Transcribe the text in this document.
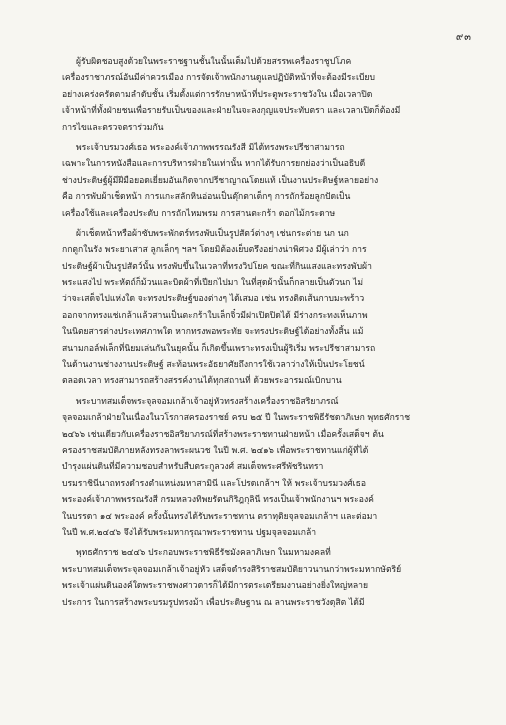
๙๓
ผู้รับผิดชอบสูงด้วยในพระราชฐานชั้นในนั้นเต็มไปด้วยสรรพเครื่องราชูปโภค
เครื่องราชาภรณ์อันมีค่าควรเมือง การจัดเจ้าพนักงานดูแลปฏิบัติหน้าที่จะต้องมีระเบียบ
อย่างเคร่งครัดตามลำดับชั้น เริ่มตั้งแต่การรักษาหน้าที่ประตูพระราชวังใน เมื่อเวลาปิด
เจ้าหน้าที่ทั้งฝ่ายชนเพื่อรายรับเป็นของและฝ่ายในจะลงกุญแจประทับตรา และเวลาเปิดก็ต้องมี
การไขและตรวจตราร่วมกัน
พระเจ้าบรมวงศ์เธอ พระองค์เจ้าภาพพรรณรังสี มิได้ทรงพระปรีชาสามารถ
เฉพาะในการหนังสือและการบริหารฝ่ายในเท่านั้น หากได้รับการยกย่องว่าเป็นอธิบดี
ช่างประดิษฐ์ผู้มีฝีมือยอดเยี่ยมอันเกิดจากปรีชาญาณโดยแท้ เป็นงานประดิษฐ์หลายอย่าง
คือ การพับผ้าเช็ดหน้า การแกะสลักหินอ่อนเป็นตุ๊กตาเด็กๆ การถักร้อยลูกปัดเป็น
เครื่องใช้และเครื่องประดับ การถักไหมพรม การสานตะกร้า ดอกไม้กระดาษ
ผ้าเช็ดหน้าหรือผ้าซับพระพักตร์ทรงพับเป็นรูปสัตว์ต่างๆ เช่นกระต่าย นก นก
กกตูกในรัง พระยาเสาส ลูกเล็กๆ ฯลฯ โดยมิต้องเย็บตรึงอย่างน่าพิศวง มีผู้เล่าว่า การ
ประดิษฐ์ผ้าเป็นรูปสัตว์นั้น ทรงพับขึ้นในเวลาที่ทรงวิปโยค ขณะที่กินแสงและทรงพับผ้า
พระแสงไป พระหัตถ์ก็ม้วนและบิดผ้าที่เปียกไปมา ในที่สุดผ้านั้นก็กลายเป็นตัวนก ไม่
ว่าจะเสด็จไปแห่งใด จะทรงประดิษฐ์ของต่างๆ ได้เสมอ เช่น ทรงติดเส้นกาบมะพร้าว
ออกจากทรงแช่เกล้าแล้วสานเป็นตะกร้าใบเล็กจิ๋วมีฝาเปิดปิดได้ มีร่างกระทงเห็นภาพ
ในนิตยสารต่างประเทศภาพใด หากทรงพอพระทัย จะทรงประดิษฐ์ได้อย่างทั้งสิ้น แม้
สนามกอล์ฟเล็กที่นิยมเล่นกันในยุคนั้น ก็เกิดขึ้นเพราะทรงเป็นผู้ริเริ่ม พระปรีชาสามารถ
ในด้านงานช่างงานประดิษฐ์ สะท้อนพระอัธยาศัยถึงการใช้เวลาว่างให้เป็นประโยชน์
ตลอดเวลา ทรงสามารถสร้างสรรค์งานได้ทุกสถานที่ ด้วยพระอารมณ์เบิกบาน
พระบาทสมเด็จพระจุลจอมเกล้าเจ้าอยู่หัวทรงสร้างเครื่องราชอิสริยาภรณ์
จุลจอมเกล้าฝ่ายในเนื่องในวโรกาสครองราชย์ ครบ ๒๕ ปี ในพระราชพิธีรัชดาภิเษก พุทธศักราช
๒๔๖๖ เช่นเดียวกับเครื่องราชอิสริยาภรณ์ที่สร้างพระราชทานฝ่ายหน้า เมื่อครั้งเสด็จฯ ต้น
ครองราชสมบัติภายหลังทรงลาพระผนวช ในปี พ.ศ. ๒๔๑๖ เพื่อพระราชทานแก่ผู้ที่ได้
บำรุงแผ่นดินที่มีความชอบสำหรับสืบตระกูลวงศ์ สมเด็จพระศรีพัชรินทรา
บรมราชินีนาถทรงดำรงตำแหน่งมหาสามินี และโปรดเกล้าฯ ให้ พระเจ้าบรมวงศ์เธอ
พระองค์เจ้าภาพพรรณรังสี กรมหลวงทิพยรัตนกิริฎกุลินี ทรงเป็นเจ้าพนักงานฯ พระองค์
ในบรรดา ๑๔ พระองค์ ครั้งนั้นทรงได้รับพระราชทาน ตราทุติยจุลจอมเกล้าฯ และต่อมา
ในปี พ.ศ.๒๔๔๖ จึงได้รับพระมหากรุณาพระราชทาน ปฐมจุลจอมเกล้า
พุทธศักราช ๒๔๔๖ ประกอบพระราชพิธีรัชมังคลาภิเษก ในมหามงคลที่
พระบาทสมเด็จพระจุลจอมเกล้าเจ้าอยู่หัว เสด็จดำรงสิริราชสมบัติยาวนานกว่าพระมหากษัตริย์
พระเจ้าแผ่นดินองค์ใดพระราชพงศาวดารก็ได้มีการตระเตรียมงานอย่างยิ่งใหญ่หลาย
ประการ ในการสร้างพระบรมรูปทรงม้า เพื่อประดิษฐาน ณ ลานพระราชวังดุสิต ได้มี
